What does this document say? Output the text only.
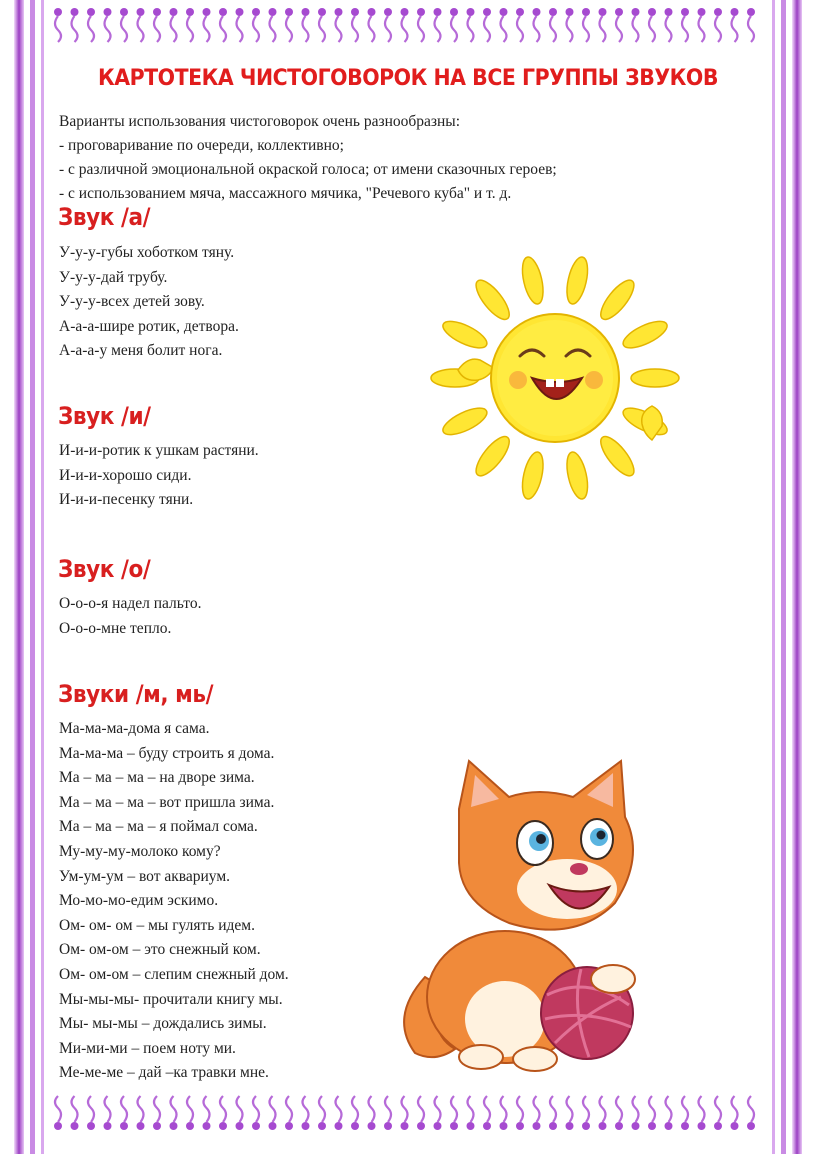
КАРТОТЕКА ЧИСТОГОВОРОК НА ВСЕ ГРУППЫ ЗВУКОВ
Варианты использования чистоговорок очень разнообразны:
- проговаривание по очереди, коллективно;
- с различной эмоциональной окраской голоса; от имени сказочных героев;
- с использованием мяча, массажного мячика, "Речевого куба" и т. д.
Звук /а/
У-у-у-губы хоботком тяну.
У-у-у-дай трубу.
У-у-у-всех детей зову.
А-а-а-шире ротик, детвора.
А-а-а-у меня болит нога.
Звук /и/
И-и-и-ротик к ушкам растяни.
И-и-и-хорошо сиди.
И-и-и-песенку тяни.
Звук /о/
О-о-о-я надел пальто.
О-о-о-мне тепло.
Звуки /м, мь/
Ма-ма-ма-дома я сама.
Ма-ма-ма – буду строить я дома.
Ма – ма – ма – на дворе зима.
Ма – ма – ма – вот пришла зима.
Ма – ма – ма – я поймал сома.
Му-му-му-молоко кому?
Ум-ум-ум – вот аквариум.
Мо-мо-мо-едим эскимо.
Ом- ом- ом – мы гулять идем.
Ом- ом-ом – это снежный ком.
Ом- ом-ом – слепим снежный дом.
Мы-мы-мы- прочитали книгу мы.
Мы- мы-мы – дождались зимы.
Ми-ми-ми – поем ноту ми.
Ме-ме-ме – дай –ка травки мне.
